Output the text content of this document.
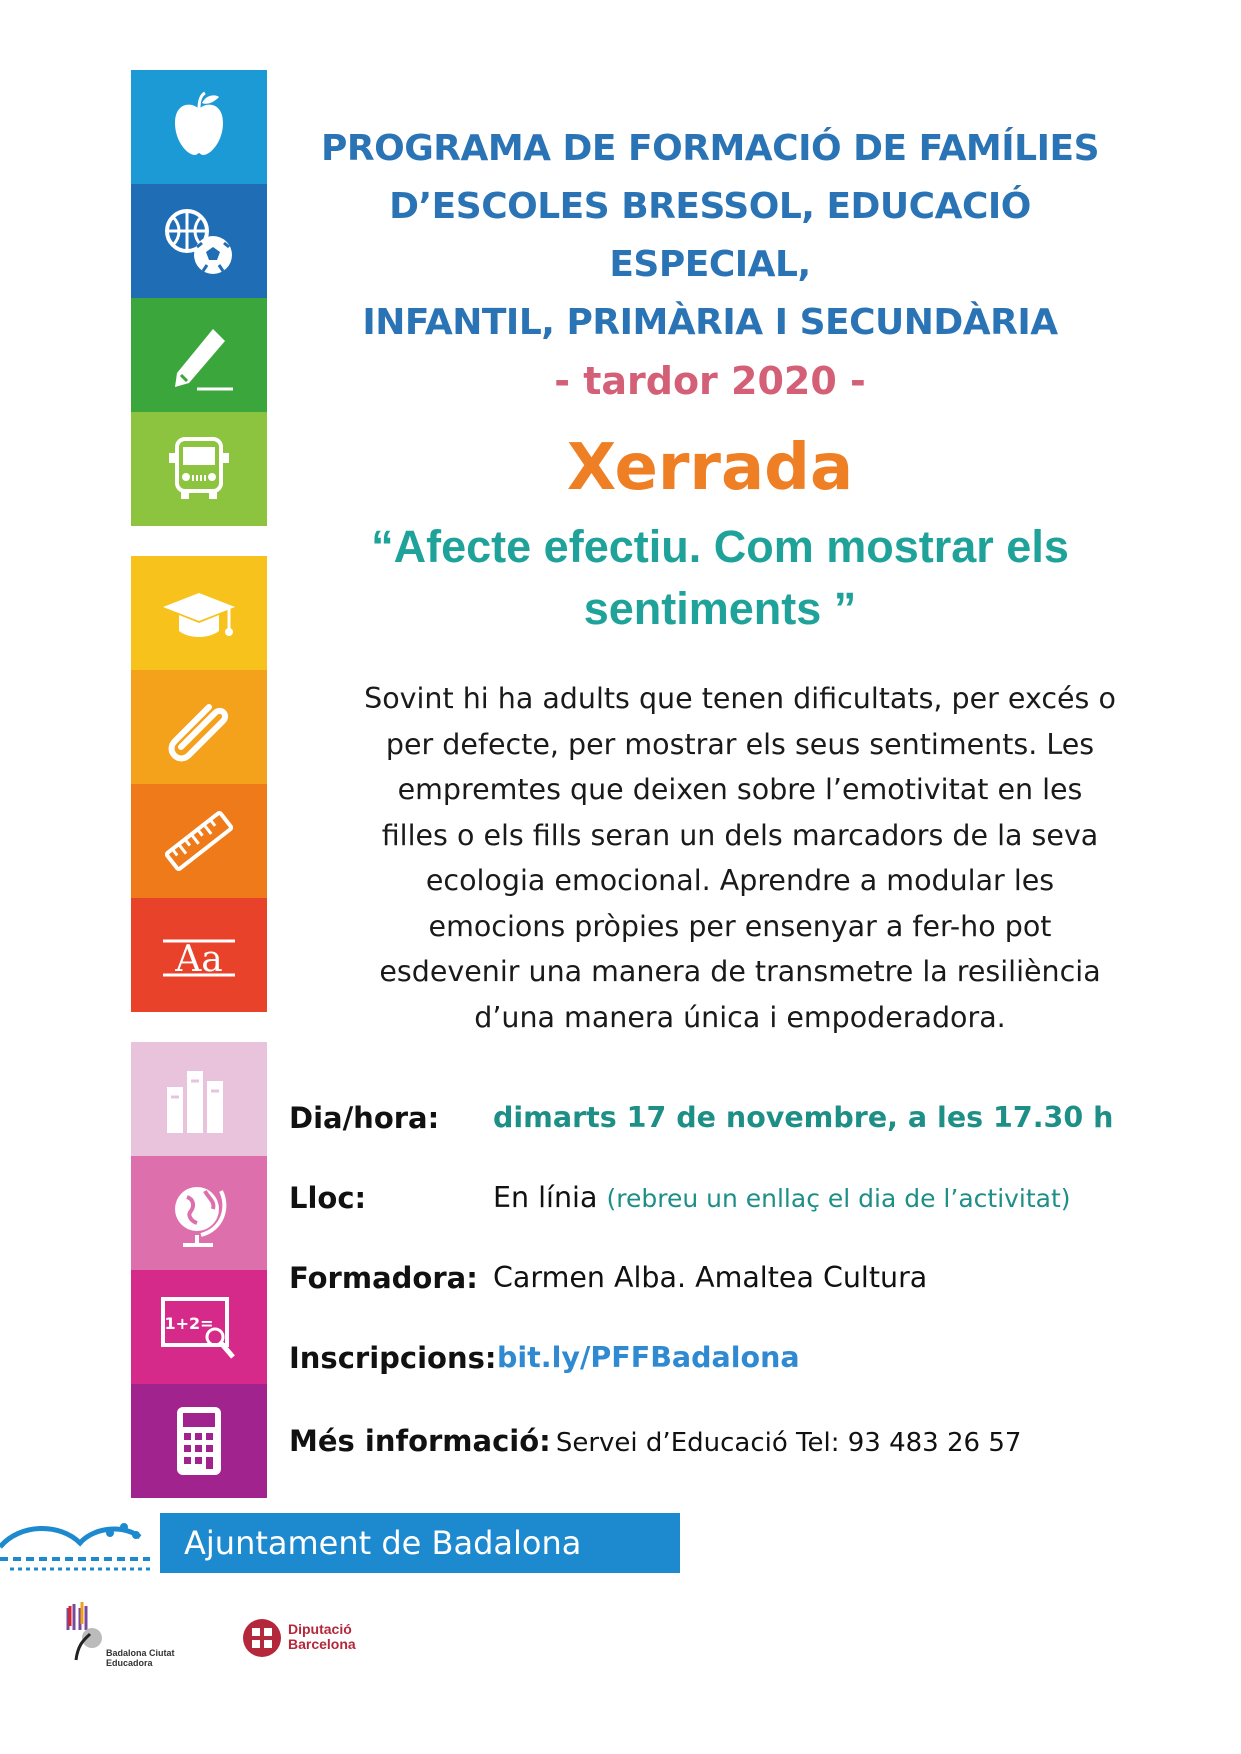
Aa
1+2=
PROGRAMA DE FORMACIÓ DE FAMÍLIES
D’ESCOLES BRESSOL, EDUCACIÓ ESPECIAL,
INFANTIL, PRIMÀRIA I SECUNDÀRIA
- tardor 2020 -
Xerrada

“Afecte efectiu. Com mostrar els

sentiments ”

Sovint hi ha adults que tenen dificultats, per excés o

per defecte, per mostrar els seus sentiments. Les

empremtes que deixen sobre l’emotivitat en les

filles o els fills seran un dels marcadors de la seva

ecologia emocional. Aprendre a modular les

emocions pròpies per ensenyar a fer-ho pot

esdevenir una manera de transmetre la resiliència

d’una manera única i empoderadora.

Dia/hora: dimarts 17 de novembre, a les 17.30 h
Lloc:	En línia (rebreu un enllaç el dia de l’activitat)
Formadora: Carmen Alba. Amaltea Cultura
Inscripcions: bit.ly/PFFBadalona
Més informació: Servei d’Educació Tel: 93 483 26 57
Ajuntament de Badalona
Badalona Ciutat Educadora
Diputació
Barcelona
